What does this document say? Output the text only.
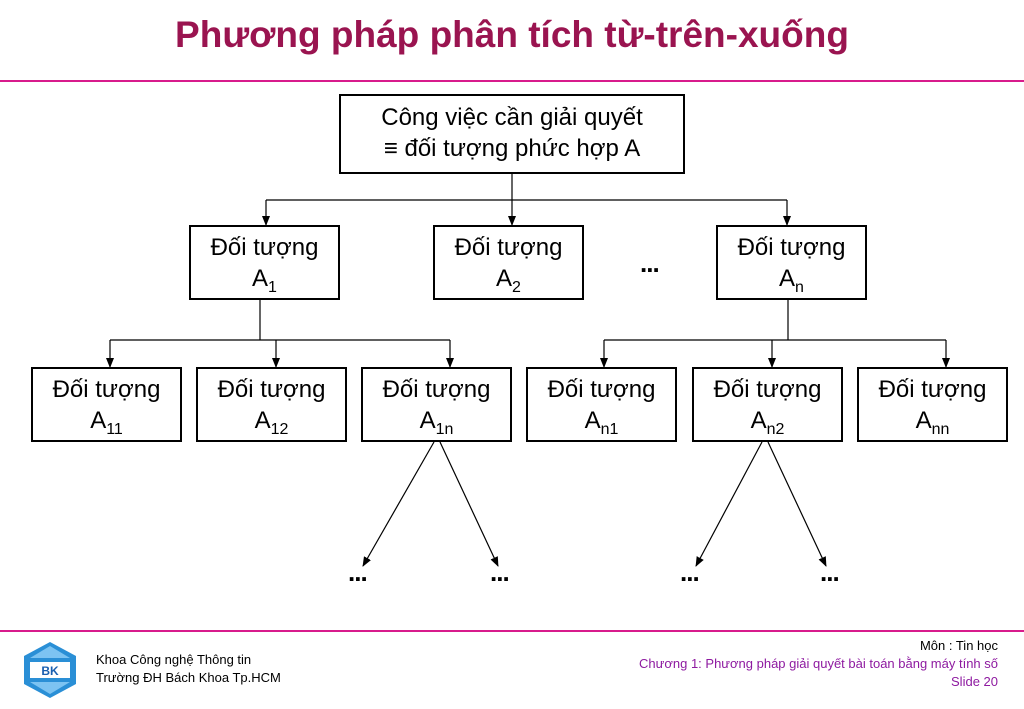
Phương pháp phân tích từ-trên-xuống
Công việc cần giải quyết
≡ đối tượng phức hợp A
Đối tượng
$A_1$
Đối tượng
$A_2$
Đối tượng
$A_n$
...
Đối tượng
$A_{11}$
Đối tượng
$A_{12}$
Đối tượng
$A_{1n}$
Đối tượng
$A_{n1}$
Đối tượng
$A_{n2}$
Đối tượng
$A_{nn}$
...	...	...	...
BK
Khoa Công nghệ Thông tin
Trường ĐH Bách Khoa Tp.HCM
Môn : Tin học
Chương 1: Phương pháp giải quyết bài toán bằng máy tính số
Slide 20
